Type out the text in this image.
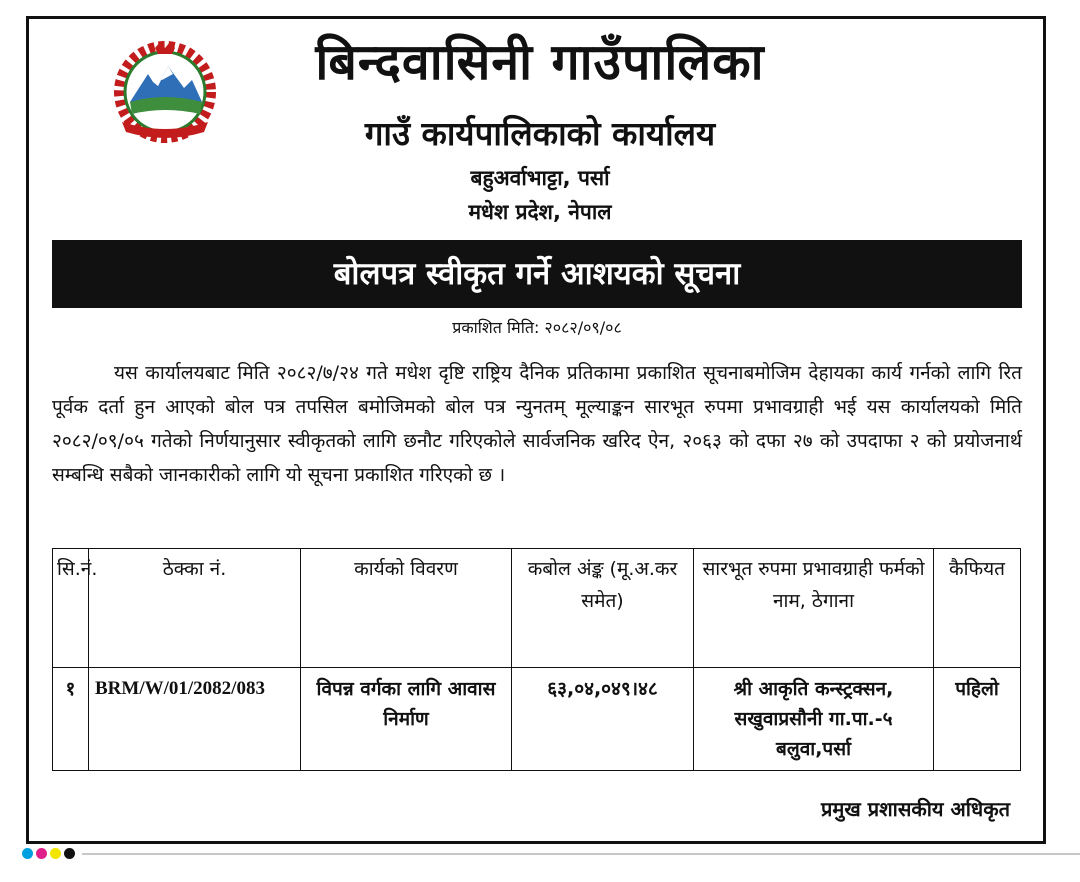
बिन्दवासिनी गाउँपालिका
गाउँ कार्यपालिकाको कार्यालय
बहुअर्वाभाट्टा, पर्सा
मधेश प्रदेश, नेपाल
बोलपत्र स्वीकृत गर्ने आशयको सूचना
प्रकाशित मिति: २०८२/०९/०८

यस कार्यालयबाट मिति २०८२/७/२४ गते मधेश दृष्टि राष्ट्रिय दैनिक प्रतिकामा प्रकाशित सूचनाबमोजिम देहायका कार्य गर्नको लागि रित पूर्वक दर्ता हुन आएको बोल पत्र तपसिल बमोजिमको बोल पत्र न्युनतम् मूल्याङ्कन सारभूत रुपमा प्रभावग्राही भई यस कार्यालयको मिति २०८२/०९/०५ गतेको निर्णयानुसार स्वीकृतको लागि छनौट गरिएकोले सार्वजनिक खरिद ऐन, २०६३ को दफा २७ को उपदाफा २ को प्रयोजनार्थ सम्बन्धि सबैको जानकारीको लागि यो सूचना प्रकाशित गरिएको छ ।

सि.नं.	ठेक्का नं.	कार्यको विवरण	कबोल अंङ्क (मू.अ.कर समेत)	सारभूत रुपमा प्रभावग्राही फर्मको नाम, ठेगाना	कैफियत
१	BRM/W/01/2082/083	विपन्न वर्गका लागि आवास निर्माण	६३,०४,०४९।४८	श्री आकृति कन्स्ट्रक्सन, सखुवाप्रसौनी गा.पा.-५ बलुवा,पर्सा	पहिलो
प्रमुख प्रशासकीय अधिकृत
